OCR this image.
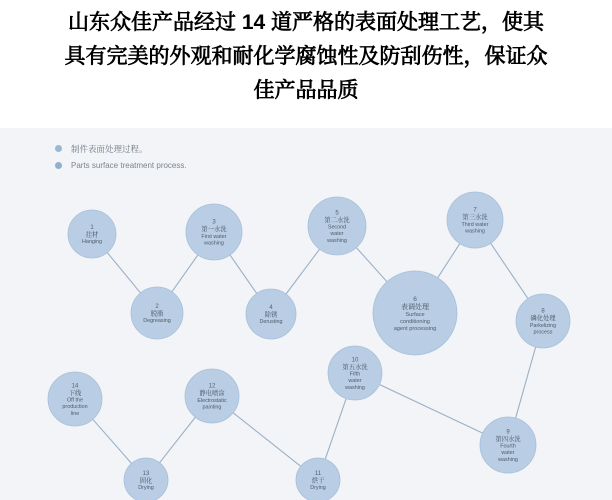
山东众佳产品经过 14 道严格的表面处理工艺，使其
具有完美的外观和耐化学腐蚀性及防刮伤性，保证众
佳产品品质
1
挂材
Hanging
2
脱脂
Degreasing
3
第一水洗
First water
washing
4
除锈
Derusting
5
第二水洗
Second
water
washing
6
表调处理
Surface
conditioning
agent processing
7
第三水洗
Third water
washing
8
磷化处理
Parkelizing
process
9
第四水洗
Fourth
water
washing
10
第五水洗
Fifth
water
washing
11
烘干
Drying
12
静电喷涂
Electrostatic
painting
13
固化
Drying
14
下线
Off the
production
line
制件表面处理过程。
Parts surface treatment process.
